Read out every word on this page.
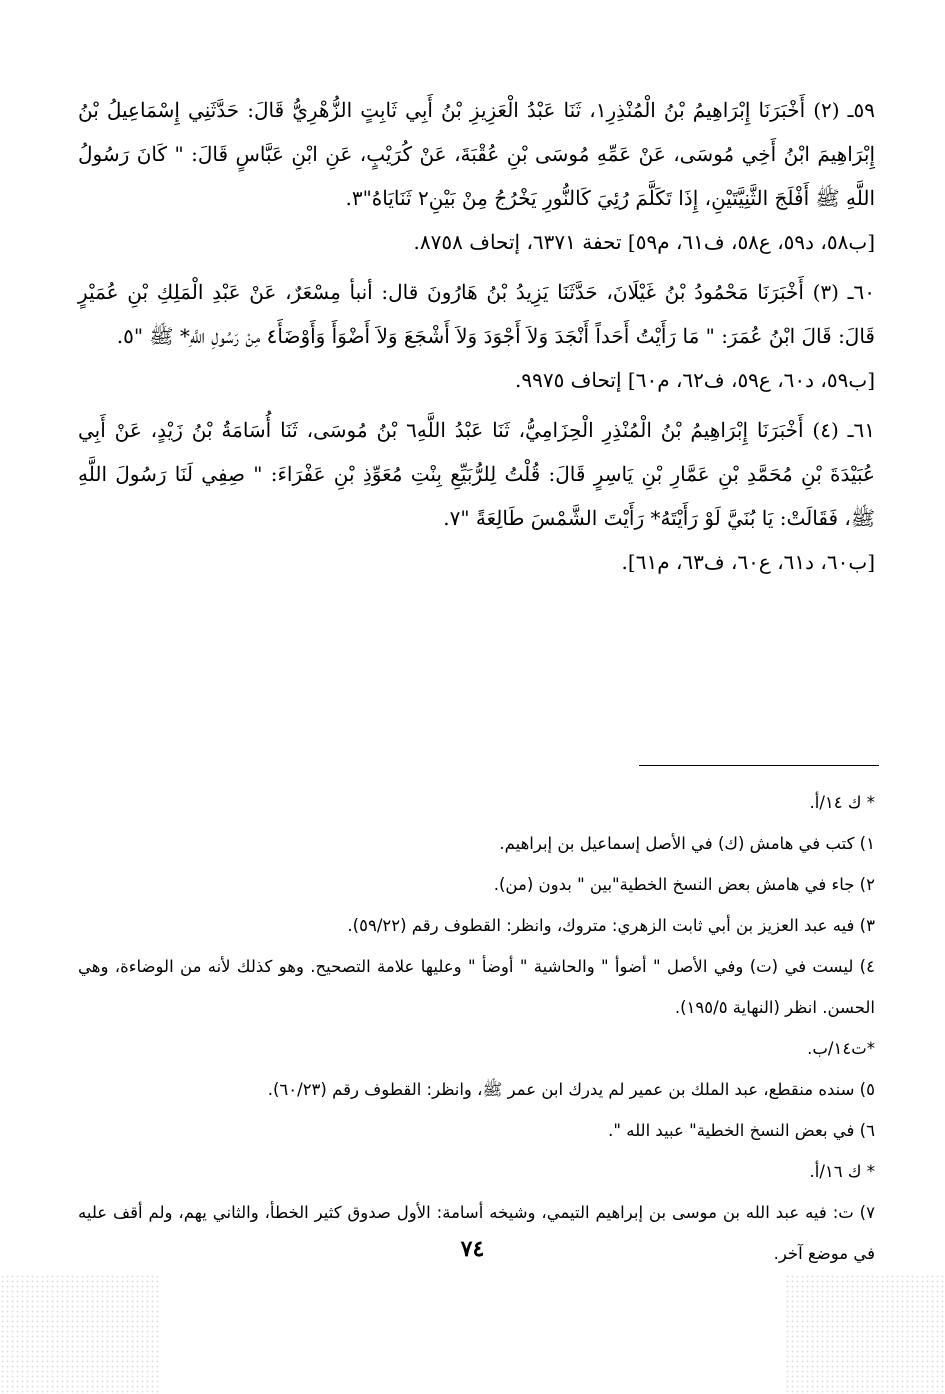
٥٩ـ (٢) أَخْبَرَنَا إِبْرَاهِيمُ بْنُ الْمُنْذِرِ١، ثَنَا عَبْدُ الْعَزِيزِ بْنُ أَبِي ثَابِتٍ الزُّهْرِيُّ قَالَ: حَدَّثَنِي إِسْمَاعِيلُ بْنُ إِبْرَاهِيمَ ابْنُ أَخِي مُوسَى، عَنْ عَمِّهِ مُوسَى بْنِ عُقْبَةَ، عَنْ كُرَيْبٍ، عَنِ ابْنِ عَبَّاسٍ قَالَ: " كَانَ رَسُولُ اللَّهِ ﷺ أَفْلَجَ الثَّنِيَّتَيْنِ، إِذَا تَكَلَّمَ رُئِيَ كَالنُّورِ يَخْرُجُ مِنْ بَيْنِ٢ ثَنَايَاهُ"٣.

[ب٥٨، د٥٩، ع٥٨، ف٦١، م٥٩] تحفة ٦٣٧١، إتحاف ٨٧٥٨.

٦٠ـ (٣) أَخْبَرَنَا مَحْمُودُ بْنُ غَيْلَانَ، حَدَّثَنَا يَزِيدُ بْنُ هَارُونَ قال: أنبأ مِسْعَرٌ، عَنْ عَبْدِ الْمَلِكِ بْنِ عُمَيْرٍ قَالَ: قَالَ ابْنُ عُمَرَ: " مَا رَأَيْتُ أَحَداً أَنْجَدَ وَلاَ أَجْوَدَ وَلاَ أَشْجَعَ وَلاَ أَضْوَأَ وَأَوْضَأَ٤ مِنْ رَسُولِ اللَّهِ* ﷺ "٥.

[ب٥٩، د٦٠، ع٥٩، ف٦٢، م٦٠] إتحاف ٩٩٧٥.

٦١ـ (٤) أَخْبَرَنَا إِبْرَاهِيمُ بْنُ الْمُنْذِرِ الْحِزَامِيُّ، ثَنَا عَبْدُ اللَّهِ٦ بْنُ مُوسَى، ثَنَا أُسَامَةُ بْنُ زَيْدٍ، عَنْ أَبِي عُبَيْدَةَ بْنِ مُحَمَّدِ بْنِ عَمَّارِ بْنِ يَاسِرٍ قَالَ: قُلْتُ لِلرُّبَيِّعِ بِنْتِ مُعَوِّذِ بْنِ عَفْرَاءَ: " صِفِي لَنَا رَسُولَ اللَّهِ ﷺ، فَقَالَتْ: يَا بُنَيَّ لَوْ رَأَيْتَهُ* رَأَيْتَ الشَّمْسَ طَالِعَةً "٧.

[ب٦٠، د٦١، ع٦٠، ف٦٣، م٦١].

* ك ١٤/أ.

١) كتب في هامش (ك) في الأصل إسماعيل بن إبراهيم.

٢) جاء في هامش بعض النسخ الخطية"بين " بدون (من).

٣) فيه عبد العزيز بن أبي ثابت الزهري: متروك، وانظر: القطوف رقم (٥٩/٢٢).

٤) ليست في (ت) وفي الأصل " أضوأ " والحاشية " أوضأ " وعليها علامة التصحيح. وهو كذلك لأنه من الوضاءة، وهي الحسن. انظر (النهاية ١٩٥/٥).

*ت١٤/ب.

٥) سنده منقطع، عبد الملك بن عمير لم يدرك ابن عمر ﷺ، وانظر: القطوف رقم (٦٠/٢٣).

٦) في بعض النسخ الخطية" عبيد الله ".

* ك ١٦/أ.

٧) ت: فيه عبد الله بن موسى بن إبراهيم التيمي، وشيخه أسامة: الأول صدوق كثير الخطأ، والثاني يهم، ولم أقف عليه في موضع آخر.

٧٤
